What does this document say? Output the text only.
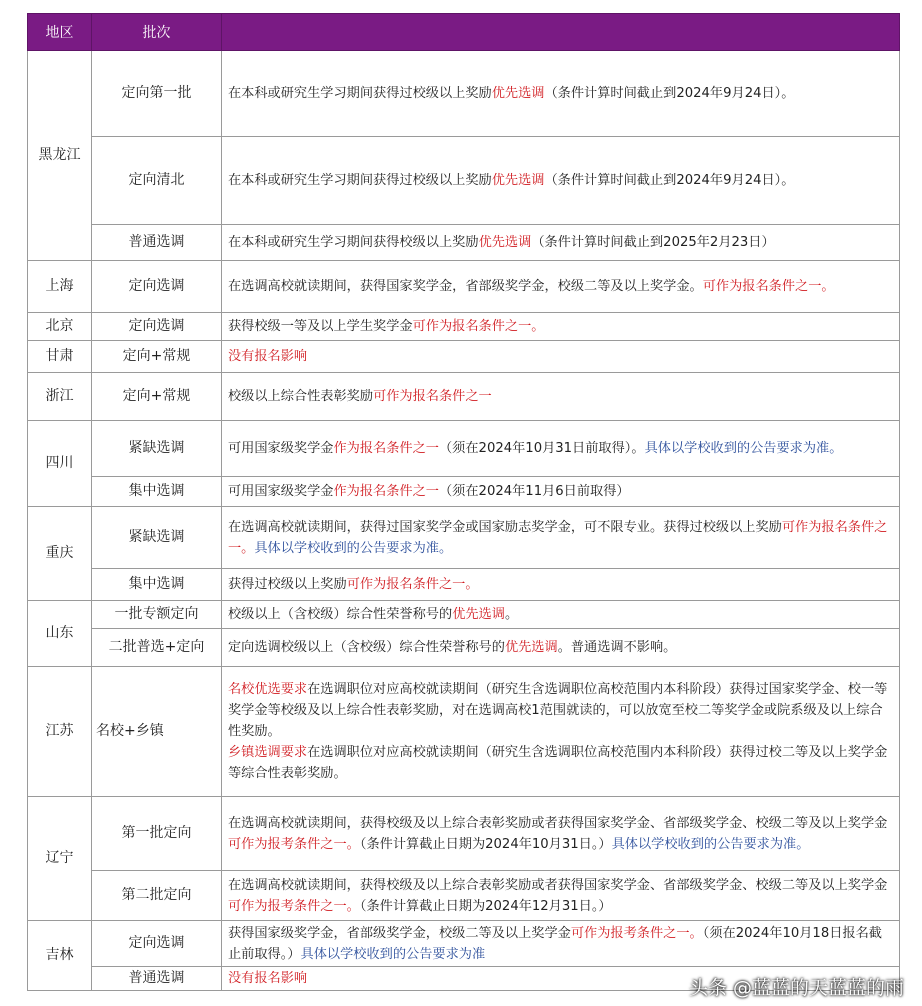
地区	批次	
黑龙江	定向第一批	在本科或研究生学习期间获得过校级以上奖励优先选调（条件计算时间截止到2024年9月24日）。
	定向清北	在本科或研究生学习期间获得过校级以上奖励优先选调（条件计算时间截止到2024年9月24日）。
	普通选调	在本科或研究生学习期间获得校级以上奖励优先选调（条件计算时间截止到2025年2月23日）
上海	定向选调	在选调高校就读期间，获得国家奖学金，省部级奖学金，校级二等及以上奖学金。可作为报名条件之一。
北京	定向选调	获得校级一等及以上学生奖学金可作为报名条件之一。
甘肃	定向+常规	没有报名影响
浙江	定向+常规	校级以上综合性表彰奖励可作为报名条件之一
四川	紧缺选调	可用国家级奖学金作为报名条件之一（须在2024年10月31日前取得）。具体以学校收到的公告要求为准。
	集中选调	可用国家级奖学金作为报名条件之一（须在2024年11月6日前取得）
重庆	紧缺选调	在选调高校就读期间，获得过国家奖学金或国家励志奖学金，可不限专业。获得过校级以上奖励可作为报名条件之一。具体以学校收到的公告要求为准。
	集中选调	获得过校级以上奖励可作为报名条件之一。
山东	一批专额定向	校级以上（含校级）综合性荣誉称号的优先选调。
	二批普选+定向	定向选调校级以上（含校级）综合性荣誉称号的优先选调。普通选调不影响。
江苏	名校+乡镇	名校优选要求在选调职位对应高校就读期间（研究生含选调职位高校范围内本科阶段）获得过国家奖学金、校一等奖学金等校级及以上综合性表彰奖励，对在选调高校1范围就读的，可以放宽至校二等奖学金或院系级及以上综合性奖励。
乡镇选调要求在选调职位对应高校就读期间（研究生含选调职位高校范围内本科阶段）获得过校二等及以上奖学金等综合性表彰奖励。
辽宁	第一批定向	在选调高校就读期间，获得校级及以上综合表彰奖励或者获得国家奖学金、省部级奖学金、校级二等及以上奖学金可作为报考条件之一。（条件计算截止日期为2024年10月31日。）具体以学校收到的公告要求为准。
	第二批定向	在选调高校就读期间，获得校级及以上综合表彰奖励或者获得国家奖学金、省部级奖学金、校级二等及以上奖学金可作为报考条件之一。（条件计算截止日期为2024年12月31日。）
吉林	定向选调	获得国家级奖学金，省部级奖学金，校级二等及以上奖学金可作为报考条件之一。（须在2024年10月18日报名截止前取得。）具体以学校收到的公告要求为准
	普通选调	没有报名影响	头条 @蓝蓝的天蓝蓝的雨
